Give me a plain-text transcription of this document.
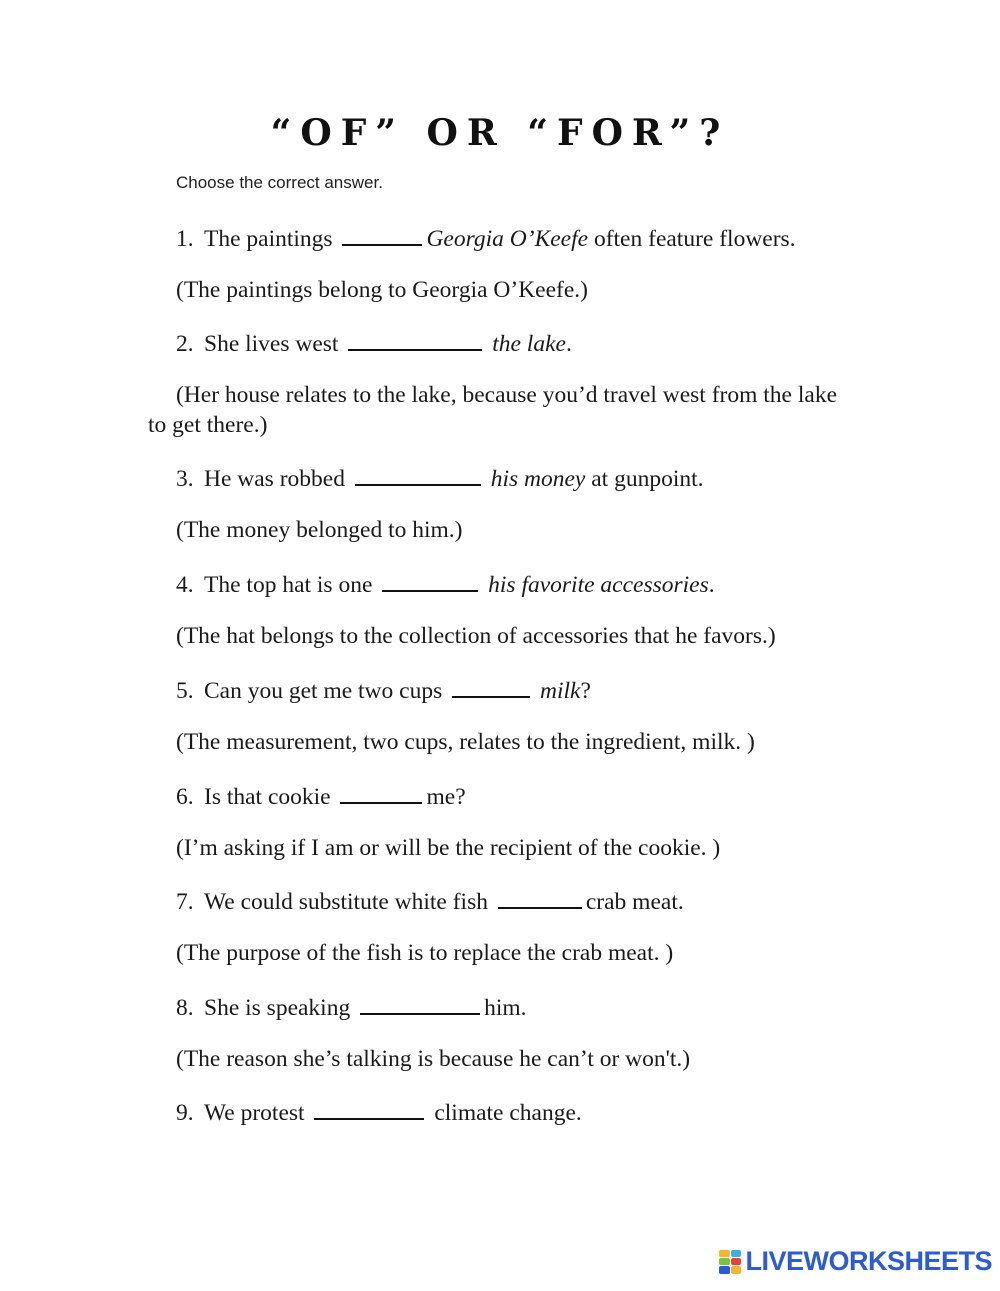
“OF” OR “FOR”?
Choose the correct answer.
1. The paintings	Georgia O’Keefe often feature flowers.
(The paintings belong to Georgia O’Keefe.)
2. She lives west	the lake.
(Her house relates to the lake, because you’d travel west from the lake to get there.)
3. He was robbed	his money at gunpoint.
(The money belonged to him.)
4. The top hat is one	his favorite accessories.
(The hat belongs to the collection of accessories that he favors.)
5. Can you get me two cups	milk?
(The measurement, two cups, relates to the ingredient, milk. )
6. Is that cookie	me?
(I’m asking if I am or will be the recipient of the cookie. )
7. We could substitute white fish	crab meat.
(The purpose of the fish is to replace the crab meat. )
8. She is speaking	him.
(The reason she’s talking is because he can’t or won't.)
9. We protest	climate change.
LIVEWORKSHEETS
